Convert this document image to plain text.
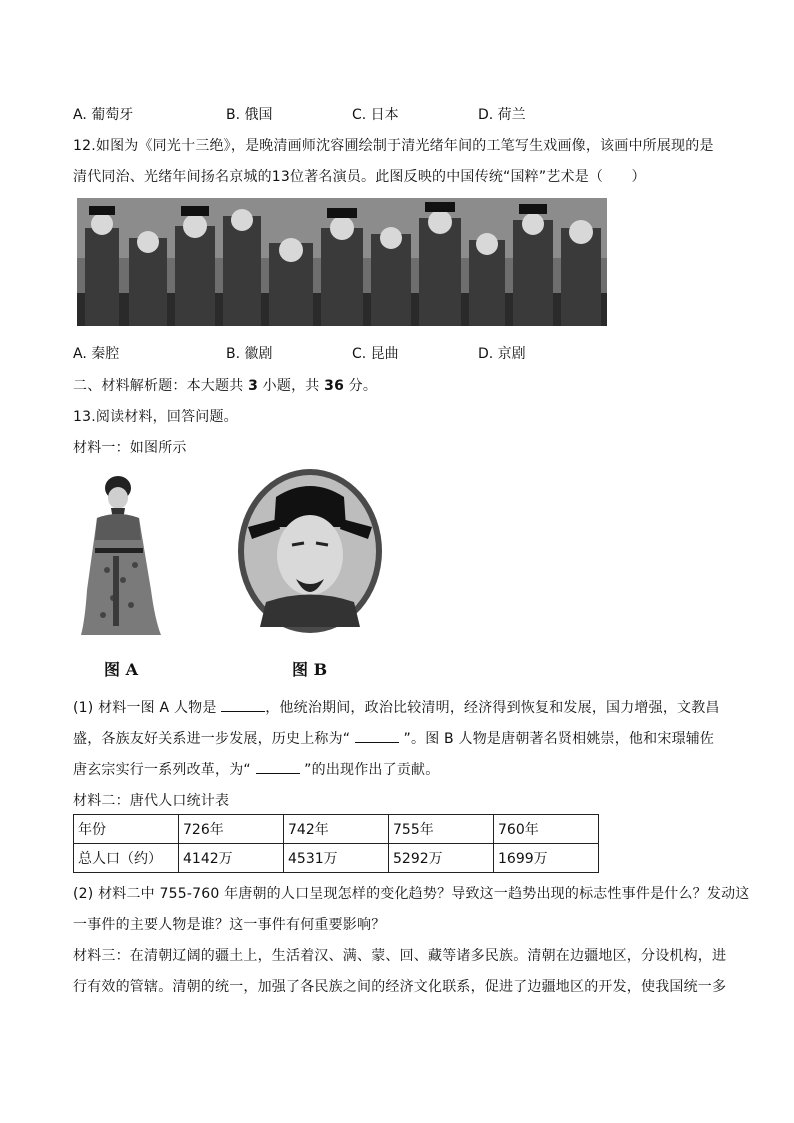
A. 葡萄牙	B. 俄国	C. 日本	D. 荷兰
12.如图为《同光十三绝》，是晚清画师沈容圃绘制于清光绪年间的工笔写生戏画像，该画中所展现的是
清代同治、光绪年间扬名京城的13位著名演员。此图反映的中国传统“国粹”艺术是（　　）
A. 秦腔	B. 徽剧	C. 昆曲	D. 京剧
二、材料解析题：本大题共 3 小题，共 36 分。
13.阅读材料，回答问题。
材料一：如图所示
图 A	图 B
(1) 材料一图 A 人物是	，他统治期间，政治比较清明，经济得到恢复和发展，国力增强，文教昌
盛，各族友好关系进一步发展，历史上称为“	”。图 B 人物是唐朝著名贤相姚崇，他和宋璟辅佐
唐玄宗实行一系列改革，为“	”的出现作出了贡献。
材料二：唐代人口统计表
年份	726年	742年	755年	760年
总人口（约）	4142万	4531万	5292万	1699万
(2) 材料二中 755-760 年唐朝的人口呈现怎样的变化趋势？导致这一趋势出现的标志性事件是什么？发动这
一事件的主要人物是谁？这一事件有何重要影响？
材料三：在清朝辽阔的疆土上，生活着汉、满、蒙、回、藏等诸多民族。清朝在边疆地区，分设机构，进
行有效的管辖。清朝的统一，加强了各民族之间的经济文化联系，促进了边疆地区的开发，使我国统一多
